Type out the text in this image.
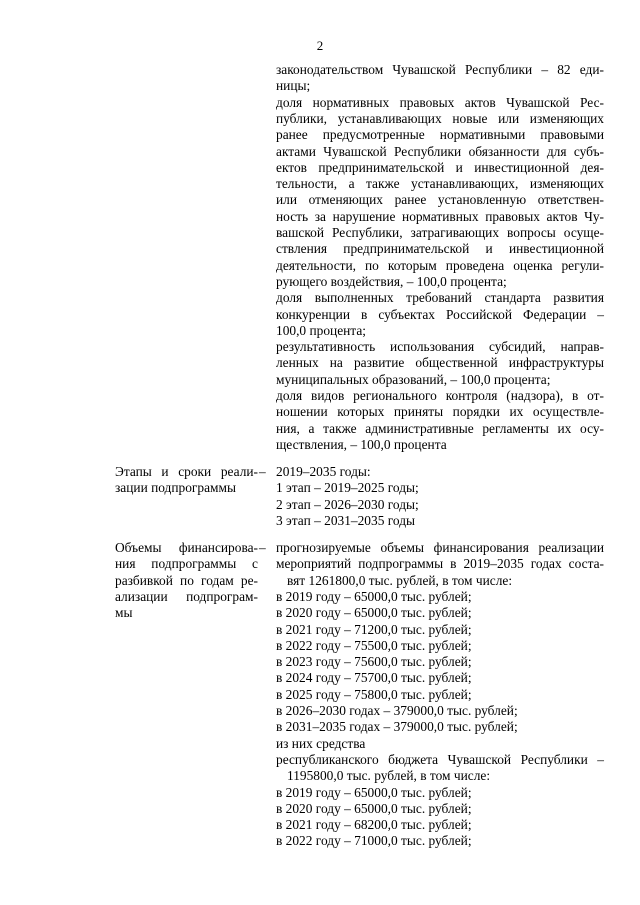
2
законодательством Чувашской Республики – 82 еди-
ницы;
доля нормативных правовых актов Чувашской Рес-
публики, устанавливающих новые или изменяющих
ранее предусмотренные нормативными правовыми
актами Чувашской Республики обязанности для субъ-
ектов предпринимательской и инвестиционной дея-
тельности, а также устанавливающих, изменяющих
или отменяющих ранее установленную ответствен-
ность за нарушение нормативных правовых актов Чу-
вашской Республики, затрагивающих вопросы осуще-
ствления предпринимательской и инвестиционной
деятельности, по которым проведена оценка регули-
рующего воздействия, – 100,0 процента;
доля выполненных требований стандарта развития
конкуренции в субъектах Российской Федерации –
100,0 процента;
результативность использования субсидий, направ-
ленных на развитие общественной инфраструктуры
муниципальных образований, – 100,0 процента;
доля видов регионального контроля (надзора), в от-
ношении которых приняты порядки их осуществле-
ния, а также административные регламенты их осу-
ществления, – 100,0 процента
–
Этапы и сроки реали-
зации подпрограммы
2019–2035 годы:
1 этап – 2019–2025 годы;
2 этап – 2026–2030 годы;
3 этап – 2031–2035 годы
–
Объемы финансирова-
ния подпрограммы с
разбивкой по годам ре-
ализации подпрограм-
мы
прогнозируемые объемы финансирования реализации
мероприятий подпрограммы в 2019–2035 годах соста-
вят 1261800,0 тыс. рублей, в том числе:
в 2019 году – 65000,0 тыс. рублей;
в 2020 году – 65000,0 тыс. рублей;
в 2021 году – 71200,0 тыс. рублей;
в 2022 году – 75500,0 тыс. рублей;
в 2023 году – 75600,0 тыс. рублей;
в 2024 году – 75700,0 тыс. рублей;
в 2025 году – 75800,0 тыс. рублей;
в 2026–2030 годах – 379000,0 тыс. рублей;
в 2031–2035 годах – 379000,0 тыс. рублей;
из них средства
республиканского бюджета Чувашской Республики –
1195800,0 тыс. рублей, в том числе:
в 2019 году – 65000,0 тыс. рублей;
в 2020 году – 65000,0 тыс. рублей;
в 2021 году – 68200,0 тыс. рублей;
в 2022 году – 71000,0 тыс. рублей;
